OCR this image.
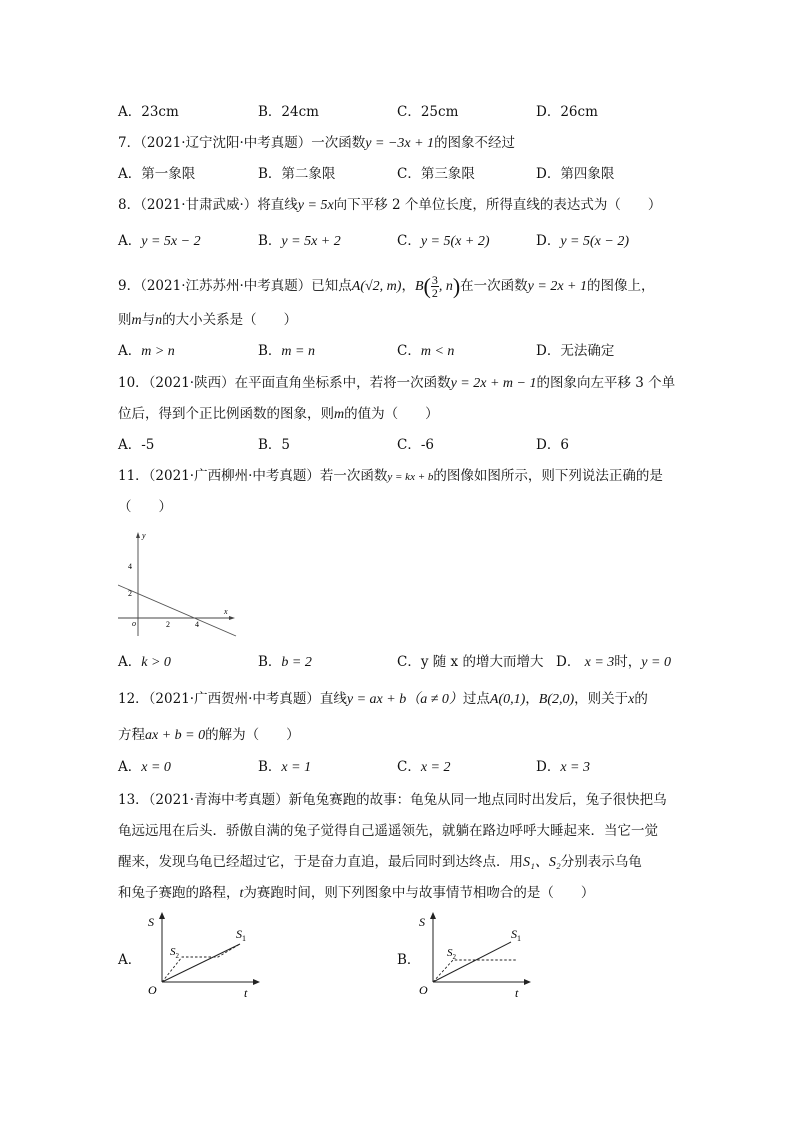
A．23cm	B．24cm	C．25cm	D．26cm
7．（2021·辽宁沈阳·中考真题）一次函数y = −3x + 1的图象不经过
A．第一象限	B．第二象限	C．第三象限	D．第四象限
8．（2021·甘肃武威·）将直线y = 5x向下平移 2 个单位长度，所得直线的表达式为（　　）
A．y = 5x − 2	B．y = 5x + 2	C．y = 5(x + 2)	D．y = 5(x − 2)
9．（2021·江苏苏州·中考真题）已知点A(√2, m)，$B( \frac{3}{2}$ , n)在一次函数y = 2x + 1的图像上，
则m与n的大小关系是（　　）
A．m > n	B．m = n	C．m < n	D．无法确定
10．（2021·陕西）在平面直角坐标系中，若将一次函数y = 2x + m − 1的图象向左平移 3 个单
位后，得到个正比例函数的图象，则m的值为（　　）
A．-5	B．5	C．-6	D．6
11．（2021·广西柳州·中考真题）若一次函数y = kx + b的图像如图所示，则下列说法正确的是
（　　）
y
x
o
2
4
2	4
A．k > 0	B．b = 2	C．y 随 x 的增大而增大 D． x = 3时，y = 0
12．（2021·广西贺州·中考真题）直线y = ax + b（a ≠ 0）过点A(0,1)，B(2,0)，则关于x的
方程ax + b = 0的解为（　　）
A．x = 0	B．x = 1	C．x = 2	D．x = 3
13．（2021·青海中考真题）新龟兔赛跑的故事：龟兔从同一地点同时出发后，兔子很快把乌
龟远远甩在后头．骄傲自满的兔子觉得自己遥遥领先，就躺在路边呼呼大睡起来．当它一觉
醒来，发现乌龟已经超过它，于是奋力直追，最后同时到达终点．用S₁、S₂分别表示乌龟
和兔子赛跑的路程，t为赛跑时间，则下列图象中与故事情节相吻合的是（　　）
A．
S
t
O
$S_1$
$S_2$	B．
S
t
O
$S_1$
$S_2$
